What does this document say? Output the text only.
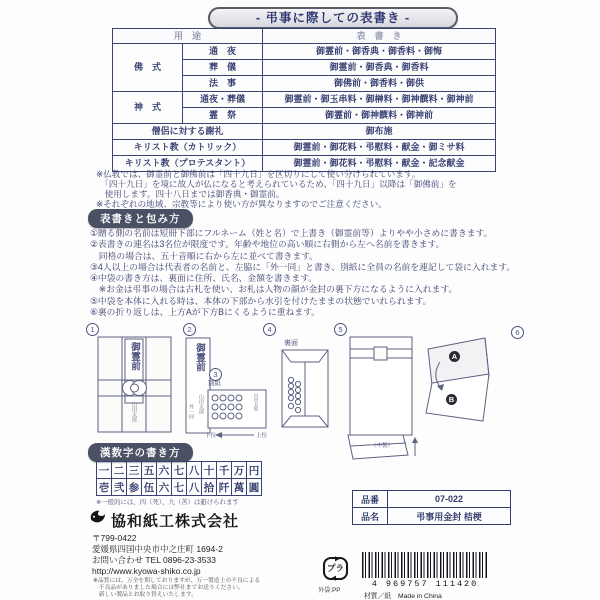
- 弔事に際しての表書き -
用　途		表　書　き
佛　式	通　夜	御霊前・御香典・御香料・御悔
	葬　儀	御霊前・御香典・御香料
	法　事	御佛前・御香料・御供
神　式	通夜・葬儀	御霊前・御玉串料・御榊料・御神饌料・御神前
	霊　祭	御霊前・御神饌料・御神前
僧侶に対する謝礼		御布施
キリスト教（カトリック）		御霊前・御花料・弔慰料・献金・御ミサ料
キリスト教（プロテスタント）		御霊前・御花料・弔慰料・献金・記念献金
※仏教では、御霊前と御佛前は「四十九日」を区切りにして使い分けられています。
　「四十九日」を境に故人が仏になると考えられているため、「四十九日」以降は「御佛前」を
　使用します。四十八日までは御香典・御霊前。
※それぞれの地域、宗教等により使い方が異なりますのでご注意ください。
表書きと包み方
①贈る側の名前は短冊下部にフルネーム（姓と名）で上書き（御霊前等）よりやや小さめに書きます。
②表書きの連名は3名位が限度です。年齢や地位の高い順に右側から左へ名前を書きます。
　同格の場合は、五十音順に右から左に並べて書きます。
③4人以上の場合は代表者の名前と、左脇に「外一同」と書き、別紙に全員の名前を連記して袋に入れます。
④中袋の書き方は、裏面に住所、氏名、金額を書きます。
　※お金は弔事の場合は古札を使い、お札は人物の顔が金封の裏下方になるように入れます。
⑤中袋を本体に入れる時は、本体の下部から水引を付けたままの状態でいれられます。
⑥裏の折り返しは、上方Aが下方Bにくるように重ねます。
1	2
3
4	5	6
御霊前
山田太郎
御霊前
山田太郎
外一同
別紙
山田太郎
下位	上位
裏面
（中袋）
A
B
漢数字の書き方
一	二	三	五	六	七	八	十	千	万	円
壱	弐	参	伍	六	七	八	拾	阡	萬	圓
※一般的には、四（死）、九（苦）は避けられます
協和紙工株式会社
〒799-0422
愛媛県四国中央市中之庄町 1694-2
お問い合わせ TEL 0896-23-3533
http://www.kyowa-shiko.co.jp
※品質には、万全を期しておりますが、万一製造上の不良による
　不良品がありました場合には弊社までお送りください。
　新しい製品とお取り替えいたします。
品番	07-022
品名	弔事用金封 桔梗
プラ
外袋:PP
4 969757 111420
材質／紙　Made in China
